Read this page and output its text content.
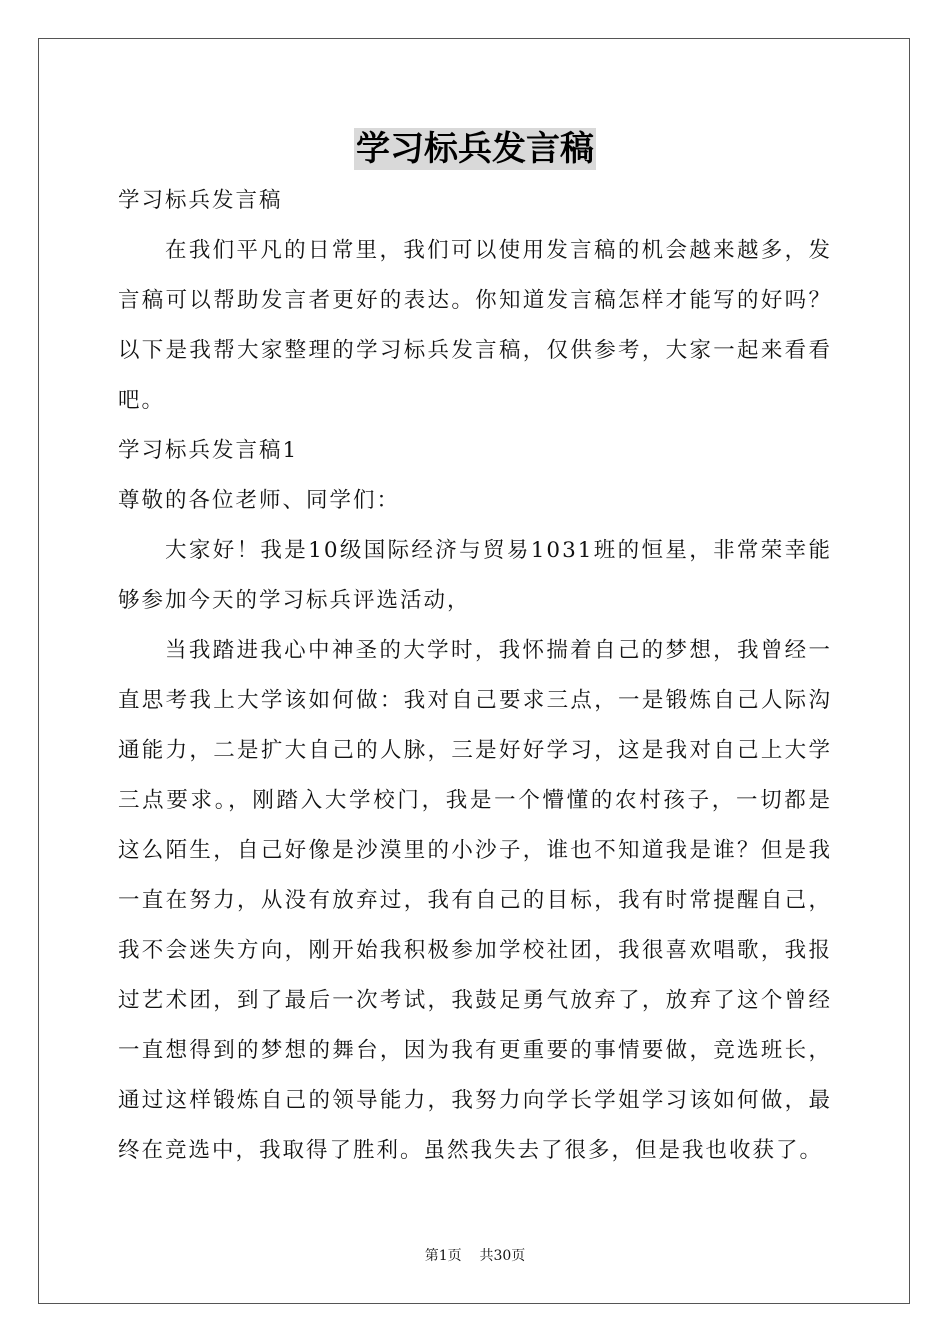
学习标兵发言稿

学习标兵发言稿

在我们平凡的日常里，我们可以使用发言稿的机会越来越多，发言稿可以帮助发言者更好的表达。你知道发言稿怎样才能写的好吗？以下是我帮大家整理的学习标兵发言稿，仅供参考，大家一起来看看吧。

学习标兵发言稿1

尊敬的各位老师、同学们：

大家好！我是10级国际经济与贸易1031班的恒星，非常荣幸能够参加今天的学习标兵评选活动，

当我踏进我心中神圣的大学时，我怀揣着自己的梦想，我曾经一直思考我上大学该如何做：我对自己要求三点，一是锻炼自己人际沟通能力，二是扩大自己的人脉，三是好好学习，这是我对自己上大学三点要求。，刚踏入大学校门，我是一个懵懂的农村孩子，一切都是这么陌生，自己好像是沙漠里的小沙子，谁也不知道我是谁？但是我一直在努力，从没有放弃过，我有自己的目标，我有时常提醒自己，我不会迷失方向，刚开始我积极参加学校社团，我很喜欢唱歌，我报过艺术团，到了最后一次考试，我鼓足勇气放弃了，放弃了这个曾经一直想得到的梦想的舞台，因为我有更重要的事情要做，竞选班长，通过这样锻炼自己的领导能力，我努力向学长学姐学习该如何做，最终在竞选中，我取得了胜利。虽然我失去了很多，但是我也收获了。

第1页    共30页
